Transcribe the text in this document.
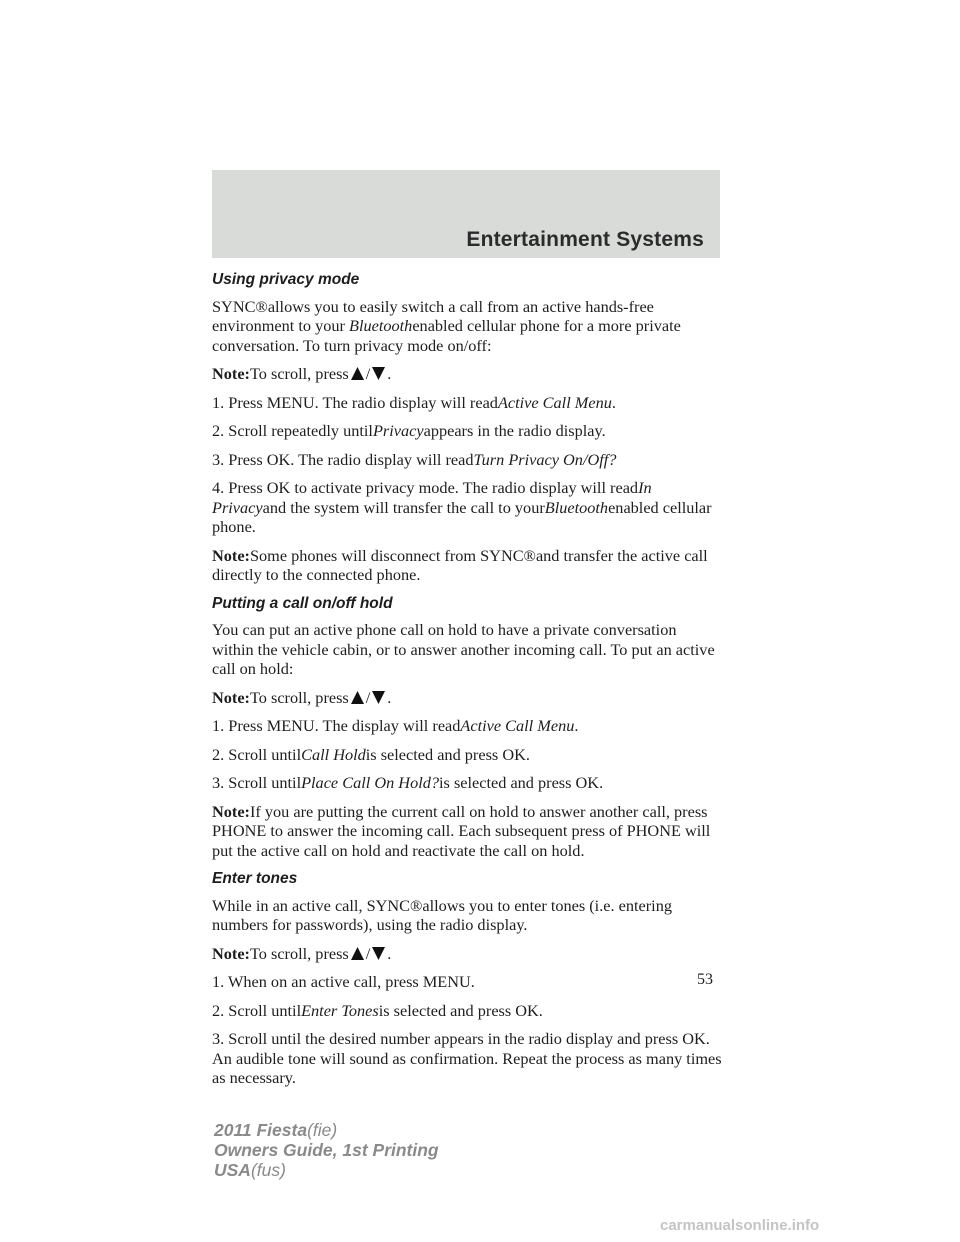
Entertainment Systems
Using privacy mode

SYNC®allows you to easily switch a call from an active hands-free environment to your Bluetoothenabled cellular phone for a more private conversation. To turn privacy mode on/off:

Note:To scroll, press / .

1. Press MENU. The radio display will readActive Call Menu.

2. Scroll repeatedly untilPrivacyappears in the radio display.

3. Press OK. The radio display will readTurn Privacy On/Off?

4. Press OK to activate privacy mode. The radio display will readIn Privacyand the system will transfer the call to yourBluetoothenabled cellular phone.

Note:Some phones will disconnect from SYNC®and transfer the active call directly to the connected phone.

Putting a call on/off hold

You can put an active phone call on hold to have a private conversation within the vehicle cabin, or to answer another incoming call. To put an active call on hold:

Note:To scroll, press / .

1. Press MENU. The display will readActive Call Menu.

2. Scroll untilCall Holdis selected and press OK.

3. Scroll untilPlace Call On Hold?is selected and press OK.

Note:If you are putting the current call on hold to answer another call, press PHONE to answer the incoming call. Each subsequent press of PHONE will put the active call on hold and reactivate the call on hold.

Enter tones

While in an active call, SYNC®allows you to enter tones (i.e. entering numbers for passwords), using the radio display.

Note:To scroll, press / .

1. When on an active call, press MENU.

2. Scroll untilEnter Tonesis selected and press OK.

3. Scroll until the desired number appears in the radio display and press OK. An audible tone will sound as confirmation. Repeat the process as many times as necessary.

53
2011 Fiesta(fie)
Owners Guide, 1st Printing
USA(fus)
carmanualsonline.info
